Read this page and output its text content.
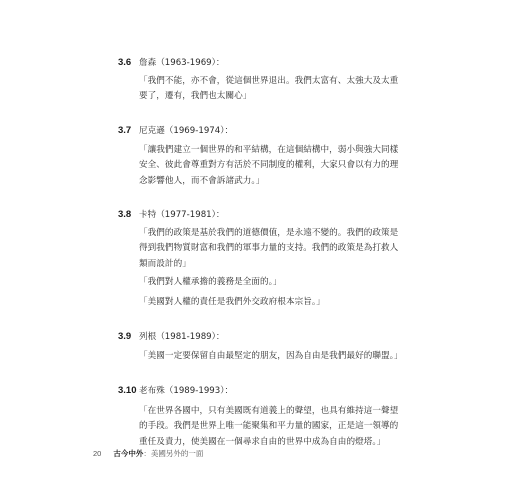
3.6 詹森（1963-1969）：

「我們不能，亦不會，從這個世界退出。我們太富有、太強大及太重要了，遷有，我們也太關心」

3.7 尼克遜（1969-1974）：

「讓我們建立一個世界的和平結構，在這個結構中，弱小與強大同樣安全、彼此會尊重對方有活於不同制度的權利，大家只會以有力的理念影響他人，而不會訴諸武力。」

3.8 卡特（1977-1981）：

「我們的政策是基於我們的道德價值，是永遠不變的。我們的政策是得到我們物質財富和我們的軍事力量的支持。我們的政策是為打救人類而設計的」

「我們對人權承擔的義務是全面的。」

「美國對人權的責任是我們外交政府根本宗旨。」

3.9 列根（1981-1989）：

「美國一定要保留自由最堅定的朋友，因為自由是我們最好的聯盟。」

3.10 老布殊（1989-1993）：

「在世界各國中，只有美國既有道義上的聲望，也具有維持這一聲望的手段。我們是世界上唯一能聚集和平力量的國家，正是這一領導的重任及責力，使美國在一個尋求自由的世界中成為自由的燈塔。」

20 古今中外：美國另外的一面
